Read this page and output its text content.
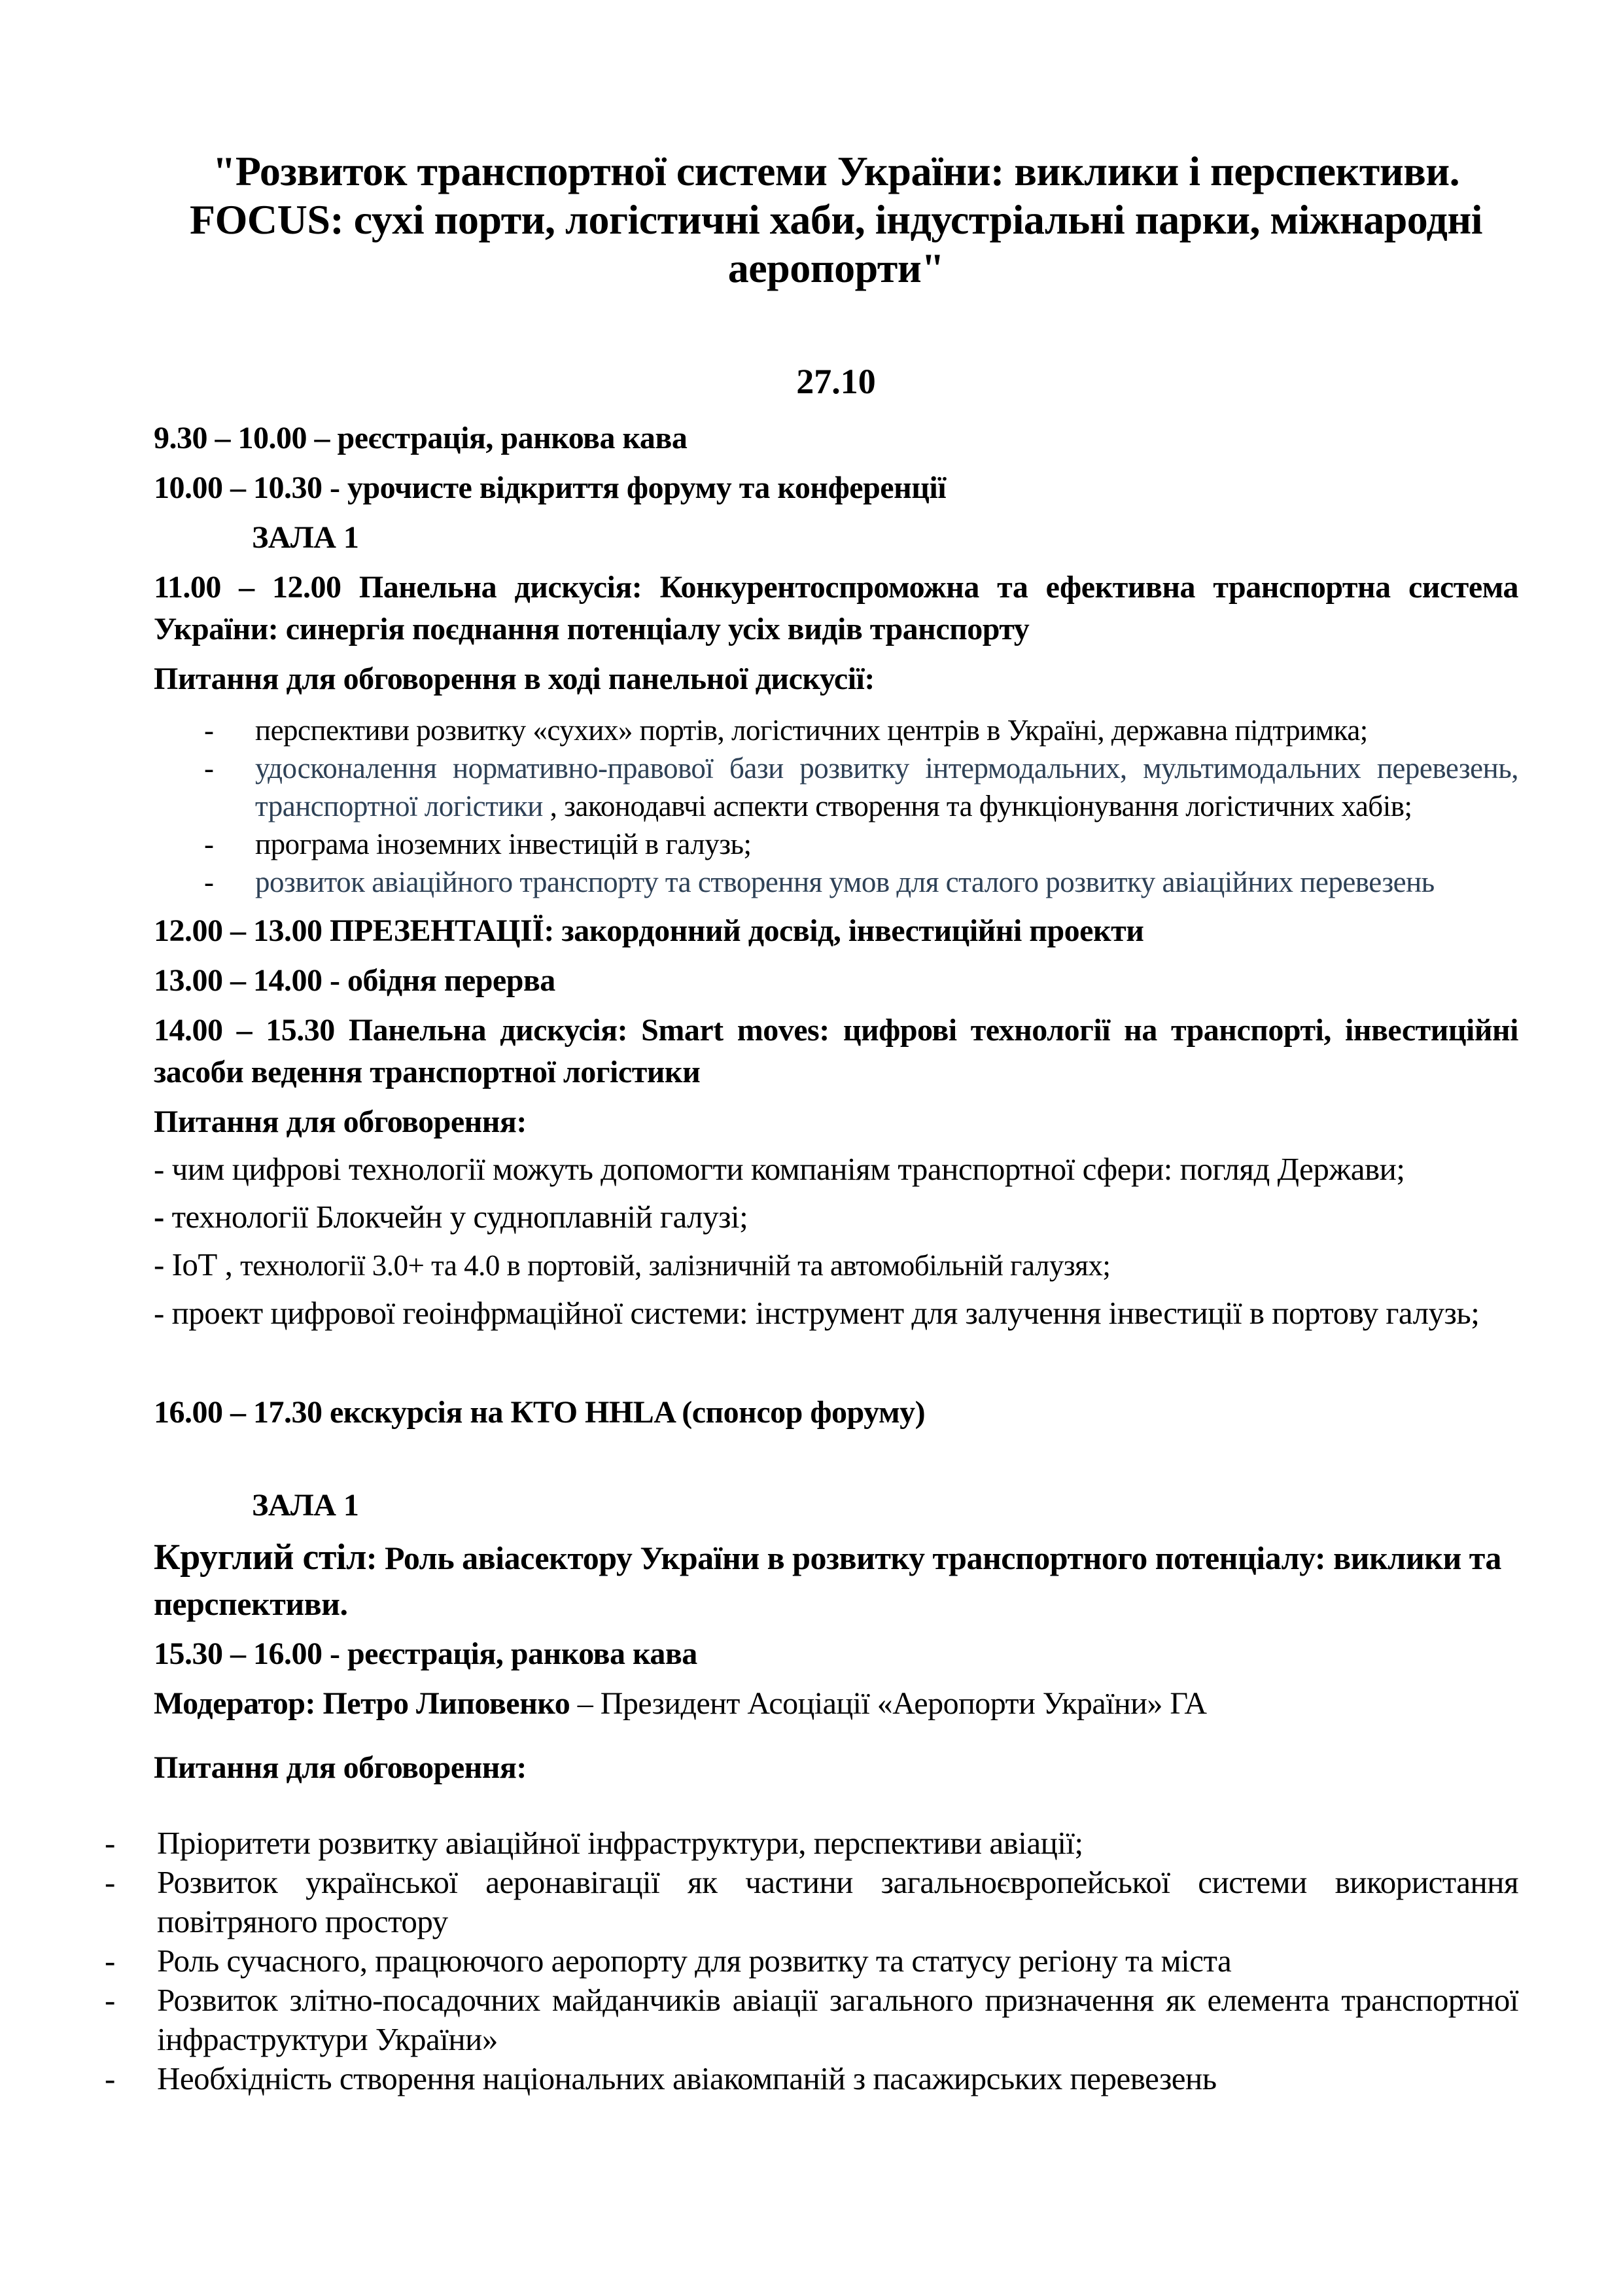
"Розвиток транспортної системи України: виклики і перспективи. FOCUS: сухі порти, логістичні хаби, індустріальні парки, міжнародні аеропорти"

27.10

9.30 – 10.00 – реєстрація, ранкова кава

10.00 – 10.30 - урочисте відкриття форуму та конференції

ЗАЛА 1

11.00 – 12.00 Панельна дискусія: Конкурентоспроможна та ефективна транспортна система України: синергія поєднання потенціалу усіх видів транспорту

Питання для обговорення в ході панельної дискусії:

-	перспективи розвитку «сухих» портів, логістичних центрів в Україні, державна підтримка;
-	удосконалення нормативно-правової бази розвитку інтермодальних, мультимодальних перевезень, транспортної логістики , законодавчі аспекти створення та функціонування логістичних хабів;
-	програма іноземних інвестицій в галузь;
-	розвиток авіаційного транспорту та створення умов для сталого розвитку авіаційних перевезень

12.00 – 13.00 ПРЕЗЕНТАЦІЇ: закордонний досвід, інвестиційні проекти

13.00 – 14.00 - обідня перерва

14.00 – 15.30 Панельна дискусія: Smart moves: цифрові технології на транспорті, інвестиційні засоби ведення транспортної логістики

Питання для обговорення:

- чим цифрові технології можуть допомогти компаніям транспортної сфери: погляд Держави;

- технології Блокчейн у судноплавній галузі;

- ІоТ , технології 3.0+ та 4.0 в портовій, залізничній та автомобільній галузях;

- проект цифрової геоінфрмаційної системи: інструмент для залучення інвестиції в портову галузь;

16.00 – 17.30 екскурсія на КТО HHLA (спонсор форуму)

ЗАЛА 1

Круглий стіл: Роль авіасектору України в розвитку транспортного потенціалу: виклики та перспективи.

15.30 – 16.00 - реєстрація, ранкова кава

Модератор: Петро Липовенко – Президент Асоціації «Аеропорти України» ГА

Питання для обговорення:

-	Пріоритети розвитку авіаційної інфраструктури, перспективи авіації;
-	Розвиток української аеронавігації як частини загальноєвропейської системи використання повітряного простору
-	Роль сучасного, працюючого аеропорту для розвитку та статусу регіону та міста
-	Розвиток злітно-посадочних майданчиків авіації загального призначення як елемента транспортної інфраструктури України»
-	Необхідність створення національних авіакомпаній з пасажирських перевезень
